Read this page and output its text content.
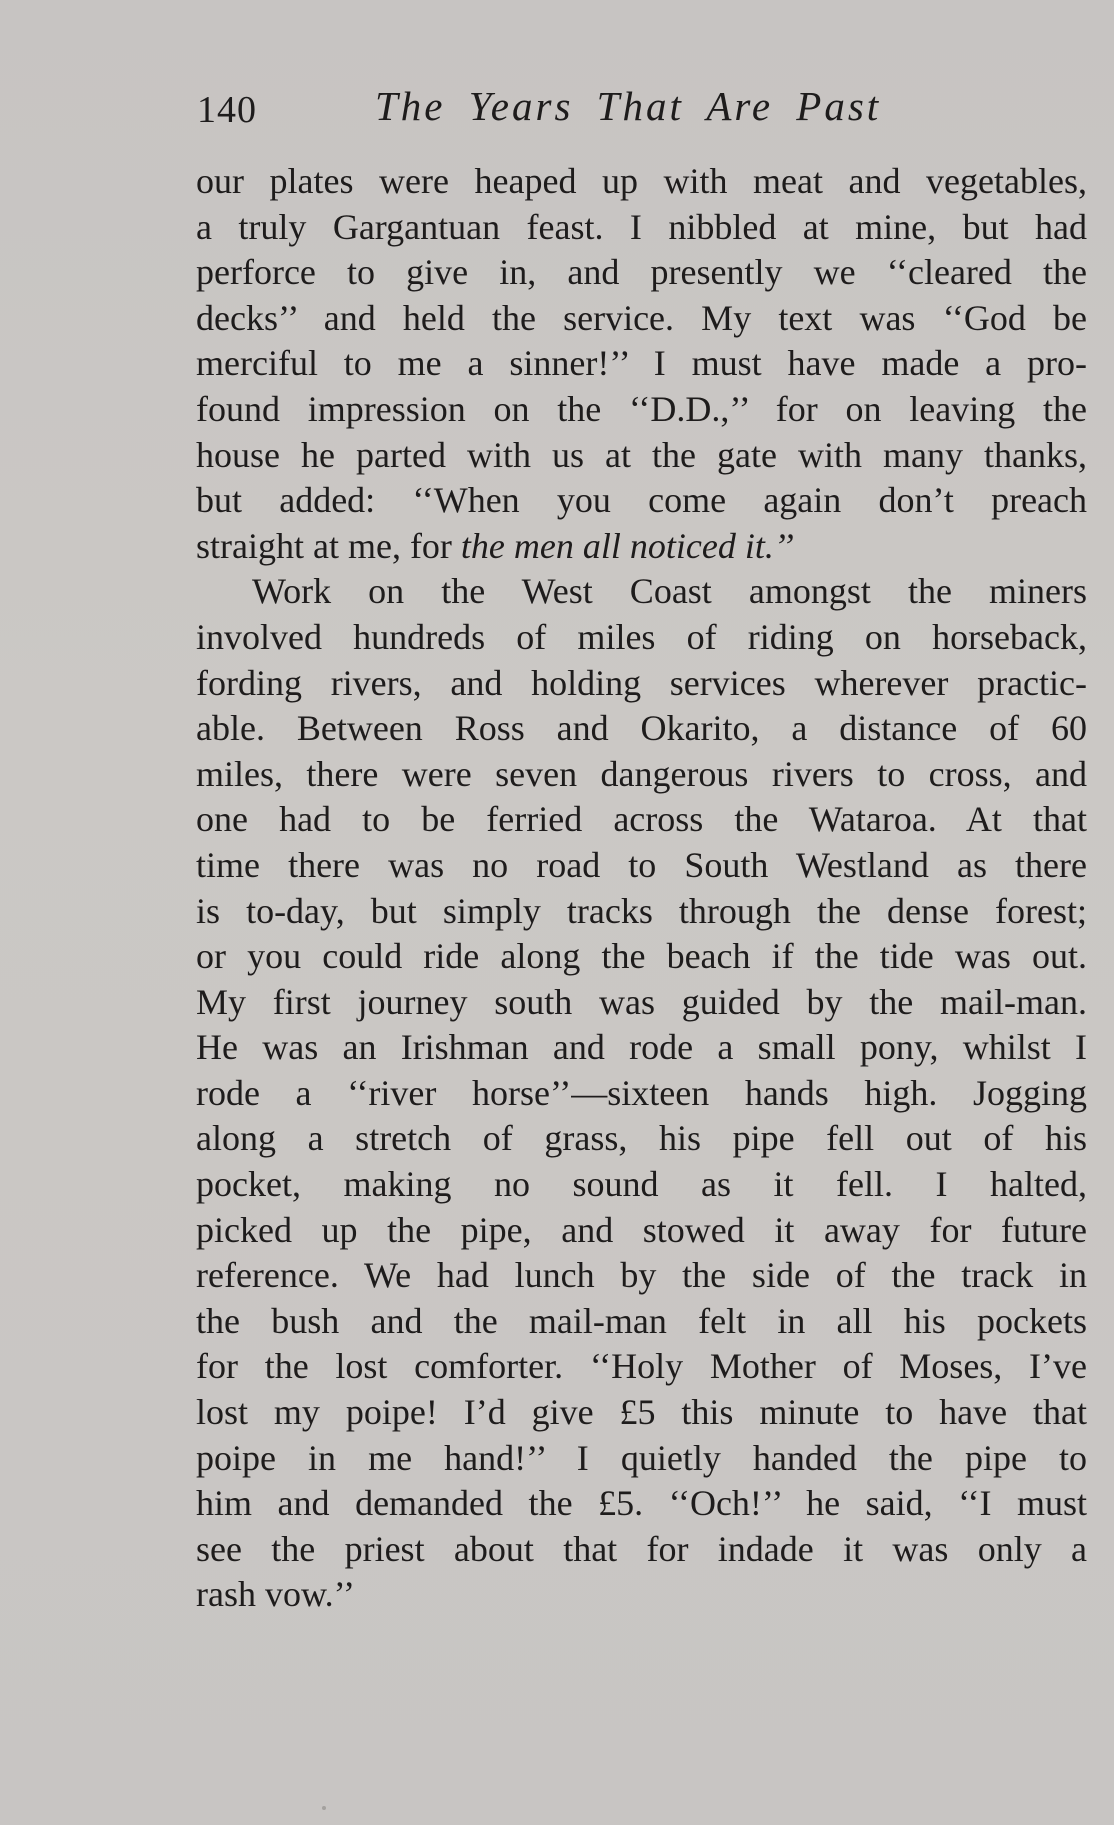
140	The Years That Are Past
our plates were heaped up with meat and vegetables,
a truly Gargantuan feast. I nibbled at mine, but had
perforce to give in, and presently we ‘‘cleared the
decks’’ and held the service. My text was ‘‘God be
merciful to me a sinner!’’ I must have made a pro-
found impression on the ‘‘D.D.,’’ for on leaving the
house he parted with us at the gate with many thanks,
but added: ‘‘When you come again don’t preach
straight at me, for the men all noticed it.’’
Work on the West Coast amongst the miners
involved hundreds of miles of riding on horseback,
fording rivers, and holding services wherever practic-
able. Between Ross and Okarito, a distance of 60
miles, there were seven dangerous rivers to cross, and
one had to be ferried across the Wataroa. At that
time there was no road to South Westland as there
is to-day, but simply tracks through the dense forest;
or you could ride along the beach if the tide was out.
My first journey south was guided by the mail-man.
He was an Irishman and rode a small pony, whilst I
rode a ‘‘river horse’’—sixteen hands high. Jogging
along a stretch of grass, his pipe fell out of his
pocket, making no sound as it fell. I halted,
picked up the pipe, and stowed it away for future
reference. We had lunch by the side of the track in
the bush and the mail-man felt in all his pockets
for the lost comforter. ‘‘Holy Mother of Moses, I’ve
lost my poipe! I’d give £5 this minute to have that
poipe in me hand!’’ I quietly handed the pipe to
him and demanded the £5. ‘‘Och!’’ he said, ‘‘I must
see the priest about that for indade it was only a
rash vow.’’
